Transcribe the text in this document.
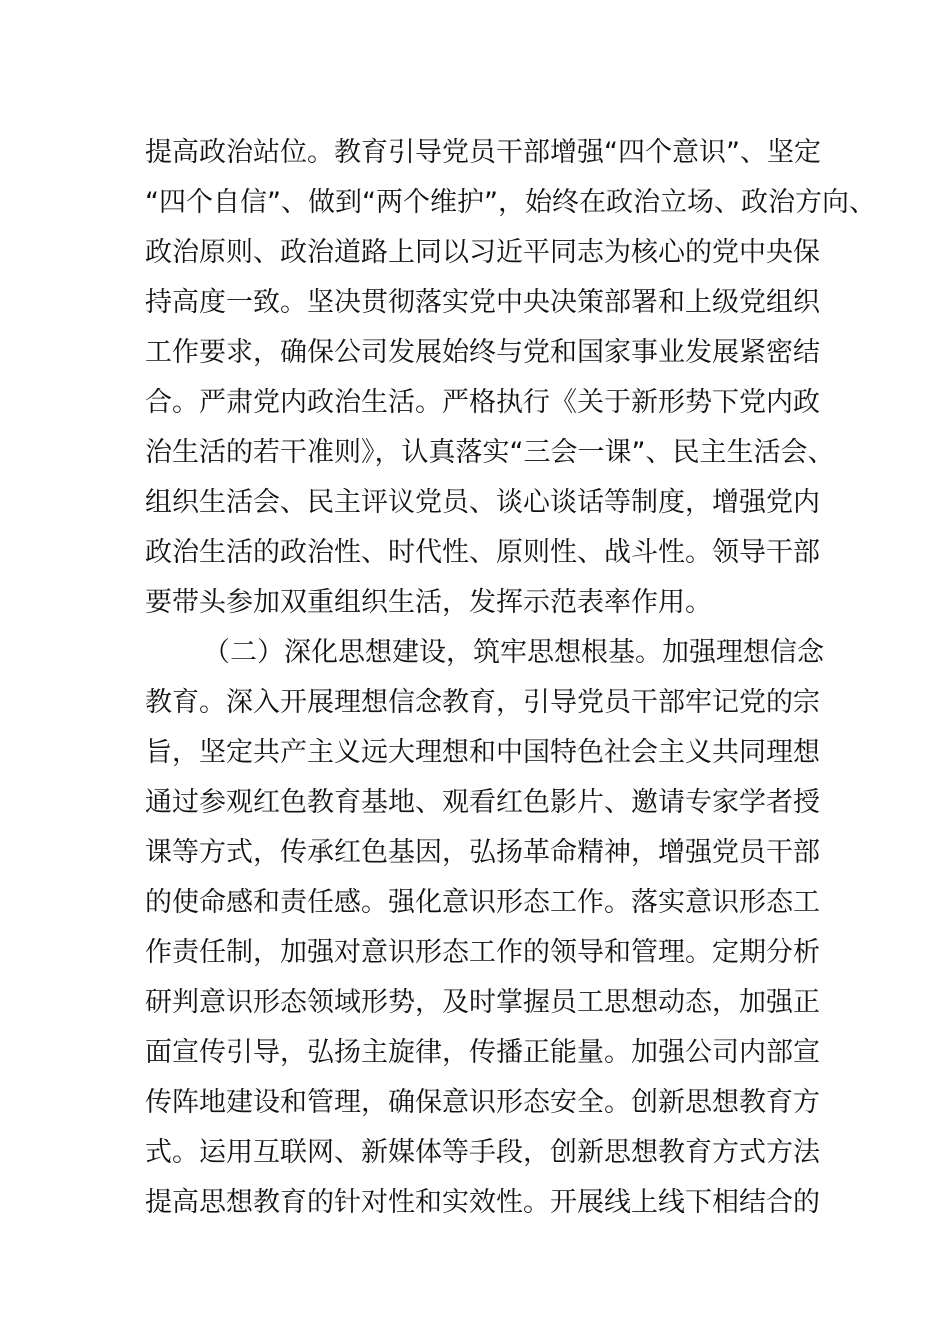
提高政治站位。教育引导党员干部增强“四个意识”、坚定
“四个自信”、做到“两个维护”，始终在政治立场、政治方向、
政治原则、政治道路上同以习近平同志为核心的党中央保
持高度一致。坚决贯彻落实党中央决策部署和上级党组织
工作要求，确保公司发展始终与党和国家事业发展紧密结
合。严肃党内政治生活。严格执行《关于新形势下党内政
治生活的若干准则》，认真落实“三会一课”、民主生活会、
组织生活会、民主评议党员、谈心谈话等制度，增强党内
政治生活的政治性、时代性、原则性、战斗性。领导干部
要带头参加双重组织生活，发挥示范表率作用。
（二）深化思想建设，筑牢思想根基。加强理想信念
教育。深入开展理想信念教育，引导党员干部牢记党的宗
旨，坚定共产主义远大理想和中国特色社会主义共同理想
通过参观红色教育基地、观看红色影片、邀请专家学者授
课等方式，传承红色基因，弘扬革命精神，增强党员干部
的使命感和责任感。强化意识形态工作。落实意识形态工
作责任制，加强对意识形态工作的领导和管理。定期分析
研判意识形态领域形势，及时掌握员工思想动态，加强正
面宣传引导，弘扬主旋律，传播正能量。加强公司内部宣
传阵地建设和管理，确保意识形态安全。创新思想教育方
式。运用互联网、新媒体等手段，创新思想教育方式方法
提高思想教育的针对性和实效性。开展线上线下相结合的
